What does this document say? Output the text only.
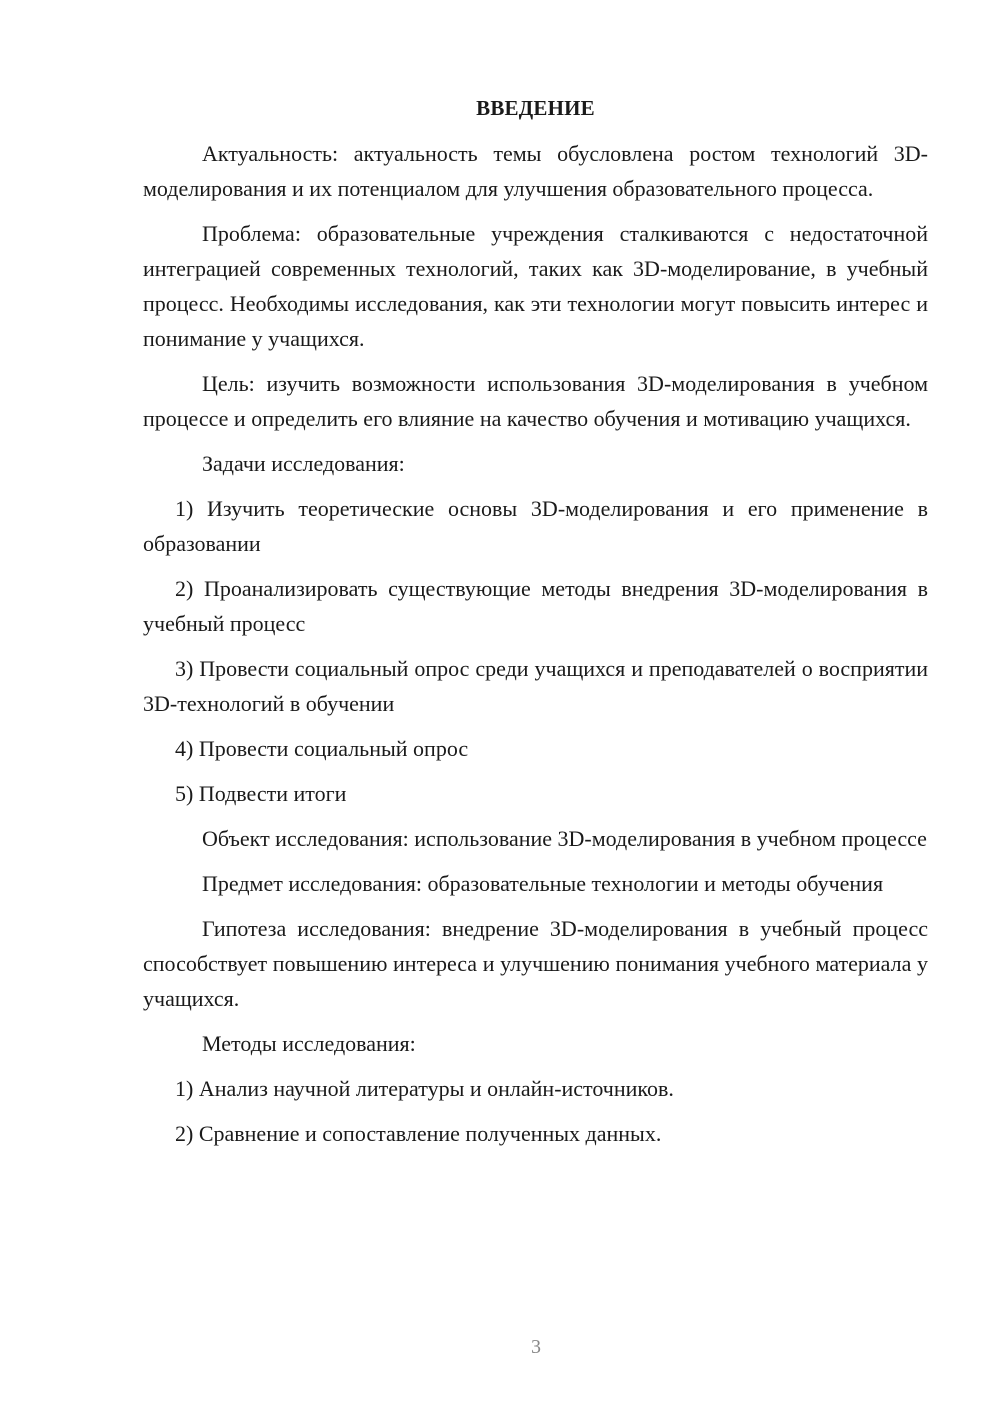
ВВЕДЕНИЕ

Актуальность: актуальность темы обусловлена ростом технологий 3D-моделирования и их потенциалом для улучшения образовательного процесса.

Проблема: образовательные учреждения сталкиваются с недостаточной интеграцией современных технологий, таких как 3D-моделирование, в учебный процесс. Необходимы исследования, как эти технологии могут повысить интерес и понимание у учащихся.

Цель: изучить возможности использования 3D-моделирования в учебном процессе и определить его влияние на качество обучения и мотивацию учащихся.

Задачи исследования:

1) Изучить теоретические основы 3D-моделирования и его применение в образовании

2) Проанализировать существующие методы внедрения 3D-моделирования в учебный процесс

3) Провести социальный опрос среди учащихся и преподавателей о восприятии 3D-технологий в обучении

4) Провести социальный опрос

5) Подвести итоги

Объект исследования: использование 3D-моделирования в учебном процессе

Предмет исследования: образовательные технологии и методы обучения

Гипотеза исследования: внедрение 3D-моделирования в учебный процесс способствует повышению интереса и улучшению понимания учебного материала у учащихся.

Методы исследования:

1) Анализ научной литературы и онлайн-источников.

2) Сравнение и сопоставление полученных данных.

3
